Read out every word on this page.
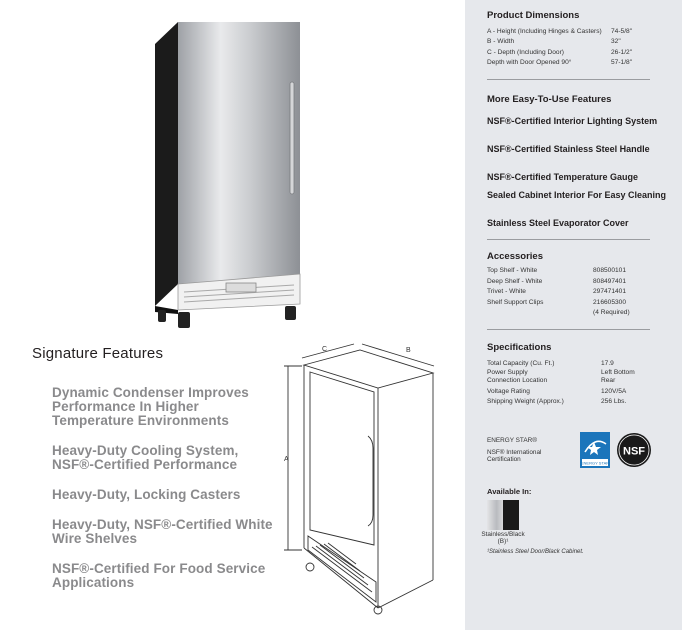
Signature Features
Dynamic Condenser Improves Performance In Higher Temperature Environments
Heavy-Duty Cooling System, NSF®-Certified Performance
Heavy-Duty, Locking Casters
Heavy-Duty, NSF®-Certified White Wire Shelves
NSF®-Certified For Food Service Applications
A
C	B
Product Dimensions
A - Height (Including Hinges & Casters) 74-5/8"
B - Width	32"
C - Depth (Including Door)	26-1/2"
Depth with Door Opened 90°	57-1/8"
More Easy-To-Use Features
NSF®-Certified Interior Lighting System
NSF®-Certified Stainless Steel Handle
NSF®-Certified Temperature Gauge
Sealed Cabinet Interior For Easy Cleaning
Stainless Steel Evaporator Cover
Accessories
Top Shelf - White	808500101
Deep Shelf - White	808497401
Trivet - White	297471401
Shelf Support Clips	216605300
(4 Required)
Specifications
Total Capacity (Cu. Ft.)	17.9
Power Supply	Left Bottom
Connection Location	Rear
Voltage Rating	120V/5A
Shipping Weight (Approx.)	256 Lbs.
ENERGY STAR®
NSF® International
Certification
Available In:
ENERGY STAR
NSF
Stainless/Black
(B)¹
¹Stainless Steel Door/Black Cabinet.
